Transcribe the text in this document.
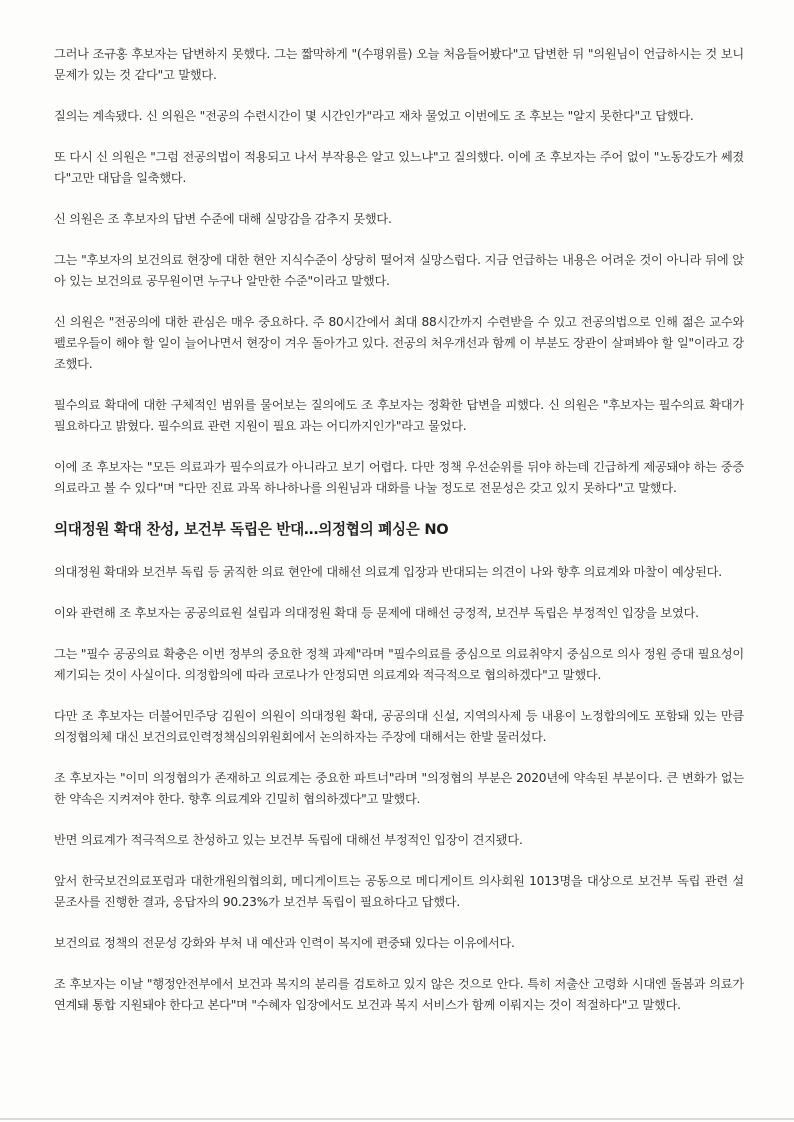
그러나 조규홍 후보자는 답변하지 못했다. 그는 짧막하게 "(수평위를) 오늘 처음들어봤다"고 답변한 뒤 "의원님이 언급하시는 것 보니 문제가 있는 것 같다"고 말했다.

질의는 계속됐다. 신 의원은 "전공의 수련시간이 몇 시간인가"라고 재차 물었고 이번에도 조 후보는 "알지 못한다"고 답했다.

또 다시 신 의원은 "그럼 전공의법이 적용되고 나서 부작용은 알고 있느냐"고 질의했다. 이에 조 후보자는 주어 없이 "노동강도가 쎄졌다"고만 대답을 일축했다.

신 의원은 조 후보자의 답변 수준에 대해 실망감을 감추지 못했다.

그는 "후보자의 보건의료 현장에 대한 현안 지식수준이 상당히 떨어져 실망스럽다. 지금 언급하는 내용은 어려운 것이 아니라 뒤에 앉아 있는 보건의료 공무원이면 누구나 알만한 수준"이라고 말했다.

신 의원은 "전공의에 대한 관심은 매우 중요하다. 주 80시간에서 최대 88시간까지 수련받을 수 있고 전공의법으로 인해 젊은 교수와 펠로우들이 해야 할 일이 늘어나면서 현장이 겨우 돌아가고 있다. 전공의 처우개선과 함께 이 부분도 장관이 살펴봐야 할 일"이라고 강조했다.

필수의료 확대에 대한 구체적인 범위를 물어보는 질의에도 조 후보자는 정확한 답변을 피했다. 신 의원은 "후보자는 필수의료 확대가 필요하다고 밝혔다. 필수의료 관련 지원이 필요 과는 어디까지인가"라고 물었다.

이에 조 후보자는 "모든 의료과가 필수의료가 아니라고 보기 어렵다. 다만 정책 우선순위를 뒤야 하는데 긴급하게 제공돼야 하는 중증의료라고 볼 수 있다"며 "다만 진료 과목 하나하나를 의원님과 대화를 나눌 정도로 전문성은 갖고 있지 못하다"고 말했다.

의대정원 확대 찬성, 보건부 독립은 반대…의정협의 폐싱은 NO

의대정원 확대와 보건부 독립 등 굵직한 의료 현안에 대해선 의료계 입장과 반대되는 의견이 나와 향후 의료계와 마찰이 예상된다.

이와 관련해 조 후보자는 공공의료원 설립과 의대정원 확대 등 문제에 대해선 긍정적, 보건부 독립은 부정적인 입장을 보였다.

그는 "필수 공공의료 확충은 이번 정부의 중요한 정책 과제"라며 "필수의료를 중심으로 의료취약지 중심으로 의사 정원 증대 필요성이 제기되는 것이 사실이다. 의정합의에 따라 코로나가 안정되면 의료계와 적극적으로 협의하겠다"고 말했다.

다만 조 후보자는 더불어민주당 김원이 의원이 의대정원 확대, 공공의대 신설, 지역의사제 등 내용이 노정합의에도 포함돼 있는 만큼 의정협의체 대신 보건의료인력정책심의위원회에서 논의하자는 주장에 대해서는 한발 물러섰다.

조 후보자는 "이미 의정협의가 존재하고 의료계는 중요한 파트너"라며 "의정협의 부분은 2020년에 약속된 부분이다. 큰 변화가 없는 한 약속은 지켜져야 한다. 향후 의료계와 긴밀히 협의하겠다"고 말했다.

반면 의료계가 적극적으로 찬성하고 있는 보건부 독립에 대해선 부정적인 입장이 견지됐다.

앞서 한국보건의료포럼과 대한개원의협의회, 메디게이트는 공동으로 메디게이트 의사회원 1013명을 대상으로 보건부 독립 관련 설문조사를 진행한 결과, 응답자의 90.23%가 보건부 독립이 필요하다고 답했다.

보건의료 정책의 전문성 강화와 부처 내 예산과 인력이 복지에 편중돼 있다는 이유에서다.

조 후보자는 이날 "행정안전부에서 보건과 복지의 분리를 검토하고 있지 않은 것으로 안다. 특히 저출산 고령화 시대엔 돌봄과 의료가 연계돼 통합 지원돼야 한다고 본다"며 "수혜자 입장에서도 보건과 복지 서비스가 함께 이뤄지는 것이 적절하다"고 말했다.
